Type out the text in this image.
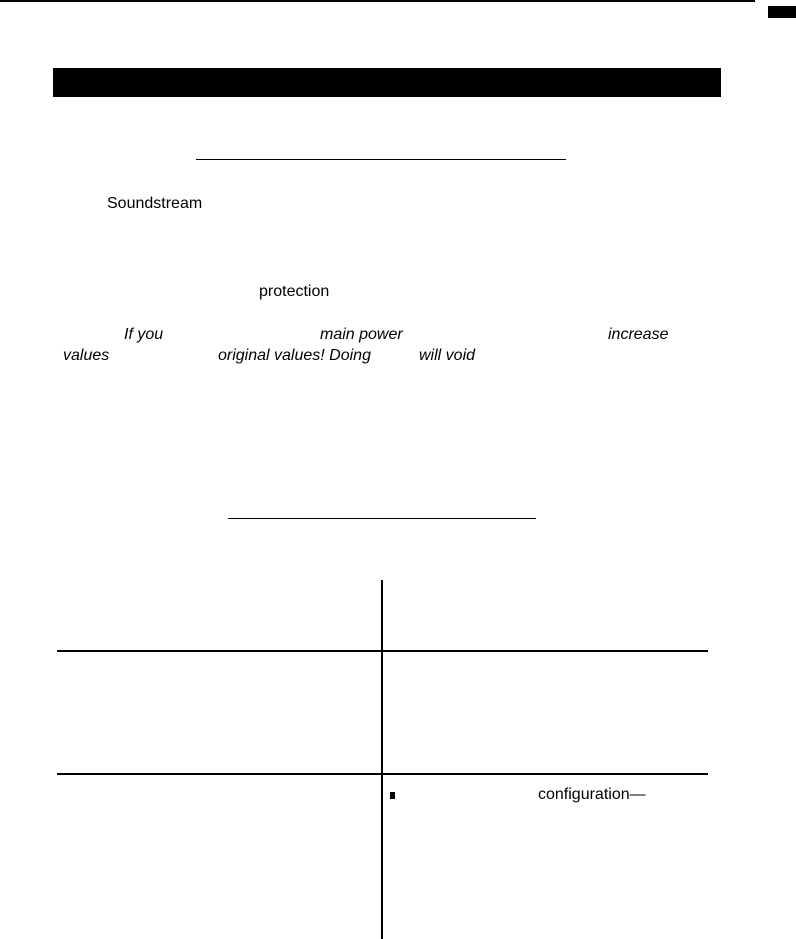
Soundstream
protection
If you	main power	increase
values	original values! Doing	will void
configuration—
